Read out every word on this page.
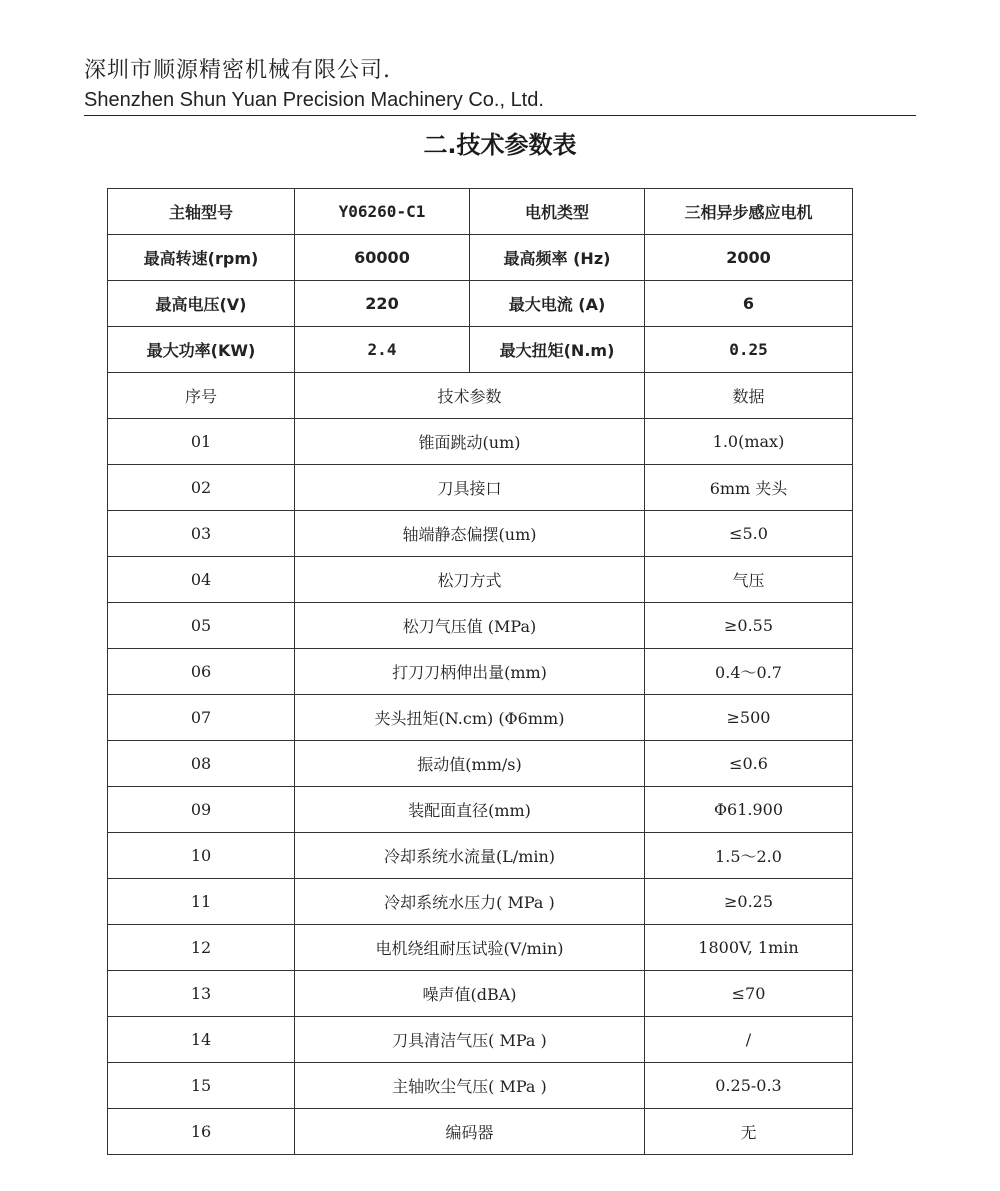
深圳市顺源精密机械有限公司.
Shenzhen Shun Yuan Precision Machinery Co., Ltd.
二.技术参数表
主轴型号	Y06260-C1	电机类型	三相异步感应电机
最高转速(rpm)	60000	最高频率 (Hz)	2000
最高电压(V)	220	最大电流 (A)	6
最大功率(KW)	2.4	最大扭矩(N.m)	0.25
序号	技术参数		数据
01	锥面跳动(um)		1.0(max)
02	刀具接口		6mm 夹头
03	轴端静态偏摆(um)		≤5.0
04	松刀方式		气压
05	松刀气压值 (MPa)		≥0.55
06	打刀刀柄伸出量(mm)		0.4～0.7
07	夹头扭矩(N.cm) (Φ6mm)		≥500
08	振动值(mm/s)		≤0.6
09	装配面直径(mm)		Φ61.900
10	冷却系统水流量(L/min)		1.5～2.0
11	冷却系统水压力( MPa )		≥0.25
12	电机绕组耐压试验(V/min)		1800V, 1min
13	噪声值(dBA)		≤70
14	刀具清洁气压( MPa )		/
15	主轴吹尘气压( MPa )		0.25-0.3
16	编码器		无
